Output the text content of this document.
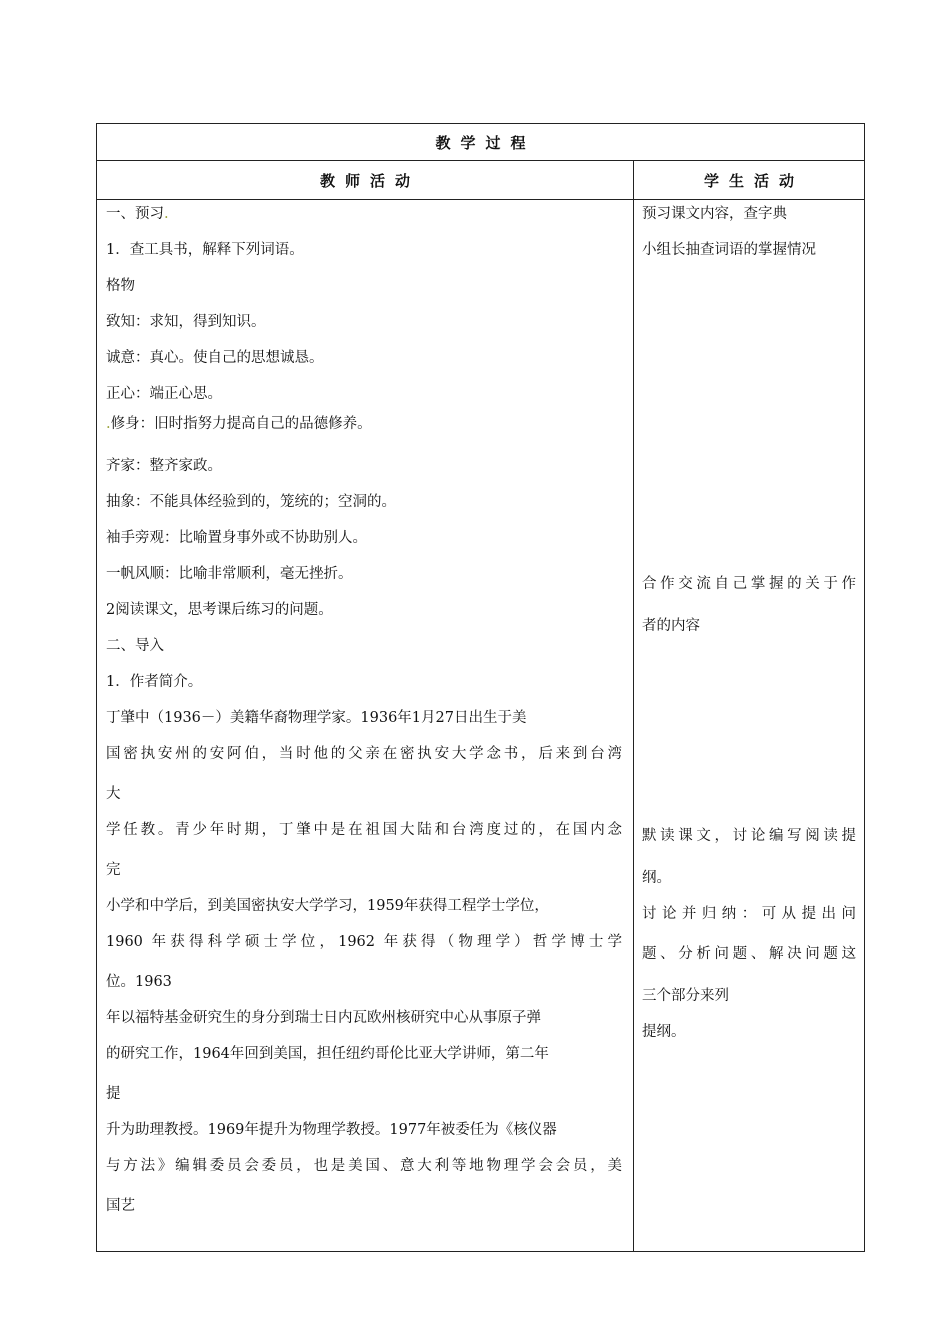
教学过程
教师活动	学生活动
一、预习.
1．查工具书，解释下列词语。
格物
致知：求知，得到知识。
诚意：真心。使自己的思想诚恳。
正心：端正心思。
.修身：旧时指努力提高自己的品德修养。
齐家：整齐家政。
抽象：不能具体经验到的，笼统的；空洞的。
袖手旁观：比喻置身事外或不协助别人。
一帆风顺：比喻非常顺利，毫无挫折。
2阅读课文，思考课后练习的问题。
二、导入
1．作者简介。
丁肇中（1936－）美籍华裔物理学家。1936年1月27日出生于美
国密执安州的安阿伯，当时他的父亲在密执安大学念书，后来到台湾
大
学任教。青少年时期，丁肇中是在祖国大陆和台湾度过的，在国内念
完
小学和中学后，到美国密执安大学学习，1959年获得工程学士学位，
1960 年获得科学硕士学位，1962 年获得（物理学）哲学博士学
位。1963
年以福特基金研究生的身分到瑞士日内瓦欧州核研究中心从事原子弹
的研究工作，1964年回到美国，担任纽约哥伦比亚大学讲师，第二年
提
升为助理教授。1969年提升为物理学教授。1977年被委任为《核仪器
与方法》编辑委员会委员，也是美国、意大利等地物理学会会员，美
国艺
预习课文内容，查字典
小组长抽查词语的掌握情况
合作交流自己掌握的关于作
者的内容
默读课文，讨论编写阅读提
纲。
讨论并归纳：可从提出问
题、分析问题、解决问题这
三个部分来列
提纲。
